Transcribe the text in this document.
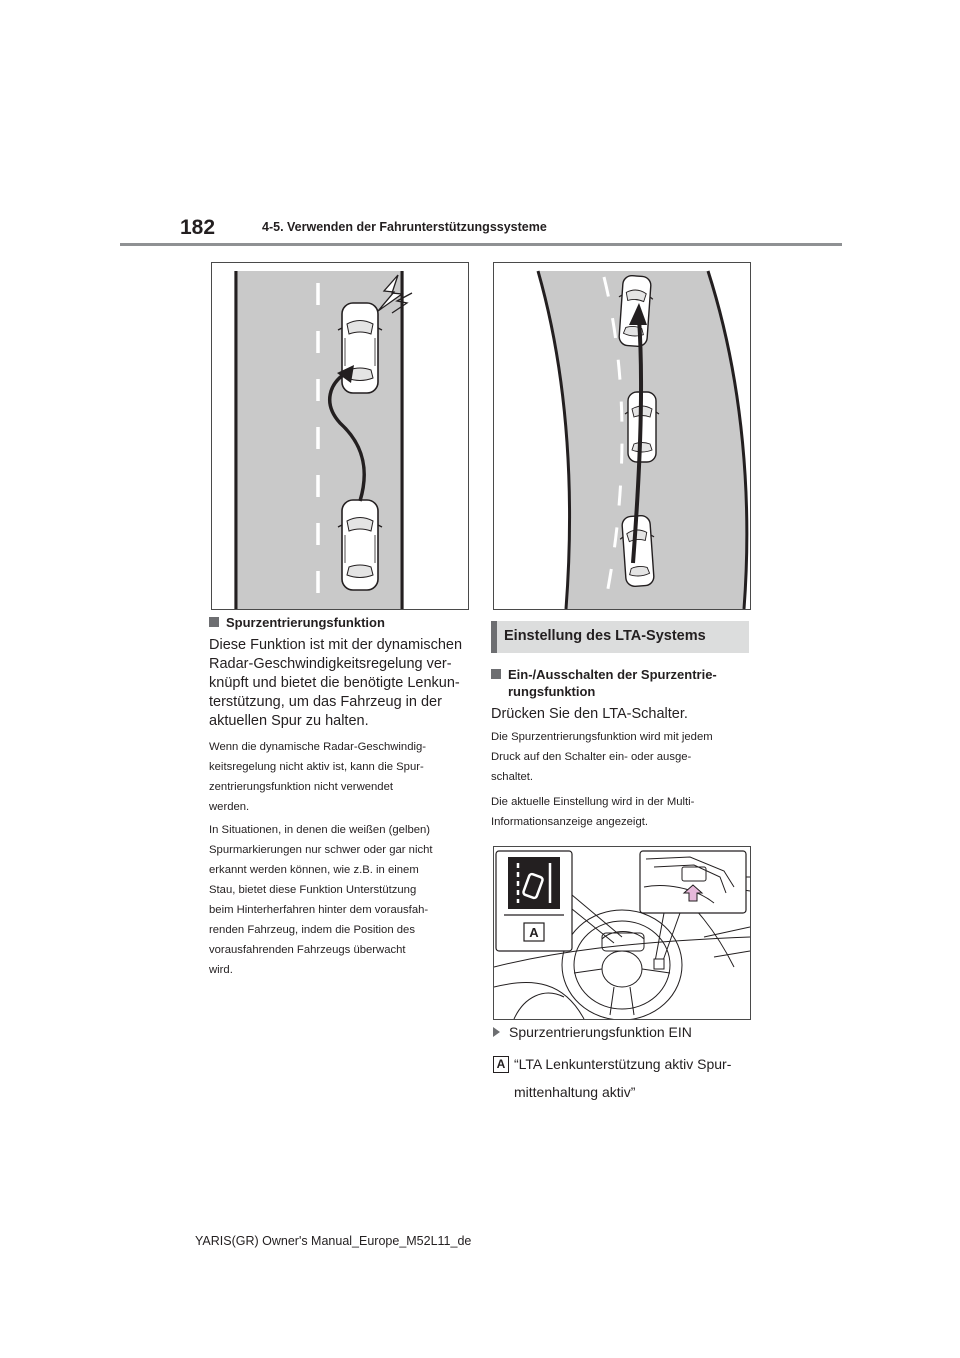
182	4-5. Verwenden der Fahrunterstützungssysteme
Spurzentrierungsfunktion
Diese Funktion ist mit der dynamischen
Radar-Geschwindigkeitsregelung ver-
knüpft und bietet die benötigte Lenkun-
terstützung, um das Fahrzeug in der
aktuellen Spur zu halten.
Wenn die dynamische Radar-Geschwindig-
keitsregelung nicht aktiv ist, kann die Spur-
zentrierungsfunktion nicht verwendet
werden.
In Situationen, in denen die weißen (gelben)
Spurmarkierungen nur schwer oder gar nicht
erkannt werden können, wie z.B. in einem
Stau, bietet diese Funktion Unterstützung
beim Hinterherfahren hinter dem vorausfah-
renden Fahrzeug, indem die Position des
vorausfahrenden Fahrzeugs überwacht
wird.
Einstellung des LTA-Systems
Ein-/Ausschalten der Spurzentrie-
rungsfunktion
Drücken Sie den LTA-Schalter.
Die Spurzentrierungsfunktion wird mit jedem
Druck auf den Schalter ein- oder ausge-
schaltet.
Die aktuelle Einstellung wird in der Multi-
Informationsanzeige angezeigt.
A
Spurzentrierungsfunktion EIN
A “LTA Lenkunterstützung aktiv Spur-
mittenhaltung aktiv”
YARIS(GR) Owner's Manual_Europe_M52L11_de
